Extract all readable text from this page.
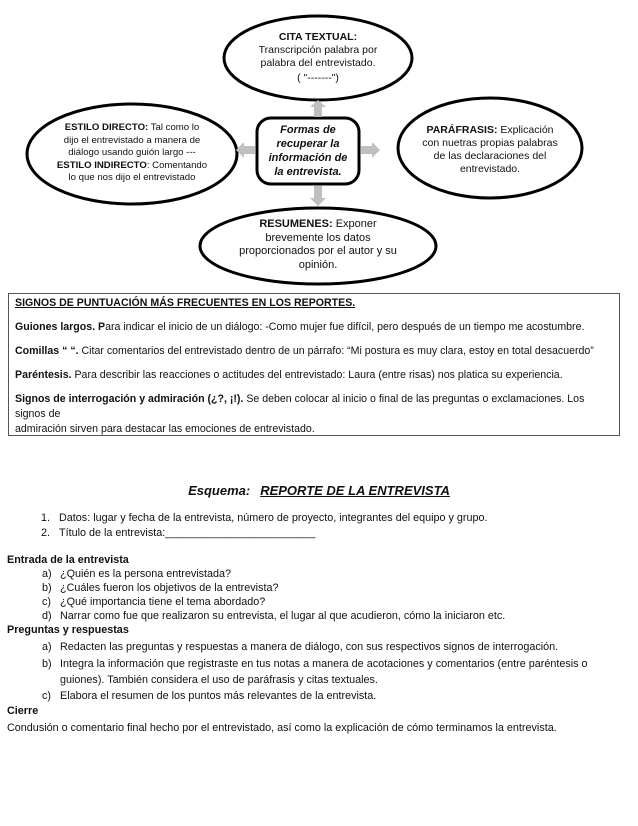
CITA TEXTUAL:
Transcripción palabra por
palabra del entrevistado.
( "-------")
PARÁFRASIS: Explicación
con nuetras propias palabras
de las declaraciones del
entrevistado.
RESUMENES: Exponer
brevemente los datos
proporcionados por el autor y su
opinión.
ESTILO DIRECTO: Tal como lo
dijo el entrevistado a manera de
diálogo usando guión largo ---
ESTILO INDIRECTO: Comentando
lo que nos dijo el entrevistado
Formas de
recuperar la
información de
la entrevista.

SIGNOS DE PUNTUACIÓN MÁS FRECUENTES EN LOS REPORTES.

Guiones largos. Para indicar el inicio de un diálogo: -Como mujer fue difícil, pero después de un tiempo me acostumbre.

Comillas “ “. Citar comentarios del entrevistado dentro de un párrafo: “Mi postura es muy clara, estoy en total desacuerdo”

Paréntesis. Para describir las reacciones o actitudes del entrevistado: Laura (entre risas) nos platica su experiencia.

Signos de interrogación y admiración (¿?, ¡!). Se deben colocar al inicio o final de las preguntas o exclamaciones. Los signos de

admiración sirven para destacar las emociones de entrevistado.

Esquema: REPORTE DE LA ENTREVISTA
1. Datos: lugar y fecha de la entrevista, número de proyecto, integrantes del equipo y grupo.
2. Título de la entrevista:_________________________
Entrada de la entrevista
a) ¿Quién es la persona entrevistada?
b) ¿Cuáles fueron los objetivos de la entrevista?
c) ¿Qué importancia tiene el tema abordado?
d) Narrar como fue que realizaron su entrevista, el lugar al que acudieron, cómo la iniciaron etc.
Preguntas y respuestas
a) Redacten las preguntas y respuestas a manera de diálogo, con sus respectivos signos de interrogación.
b) Integra la información que registraste en tus notas a manera de acotaciones y comentarios (entre paréntesis o
guiones). También considera el uso de paráfrasis y citas textuales.
c) Elabora el resumen de los puntos más relevantes de la entrevista.
Cierre
Condusión o comentario final hecho por el entrevistado, así como la explicación de cómo terminamos la entrevista.
